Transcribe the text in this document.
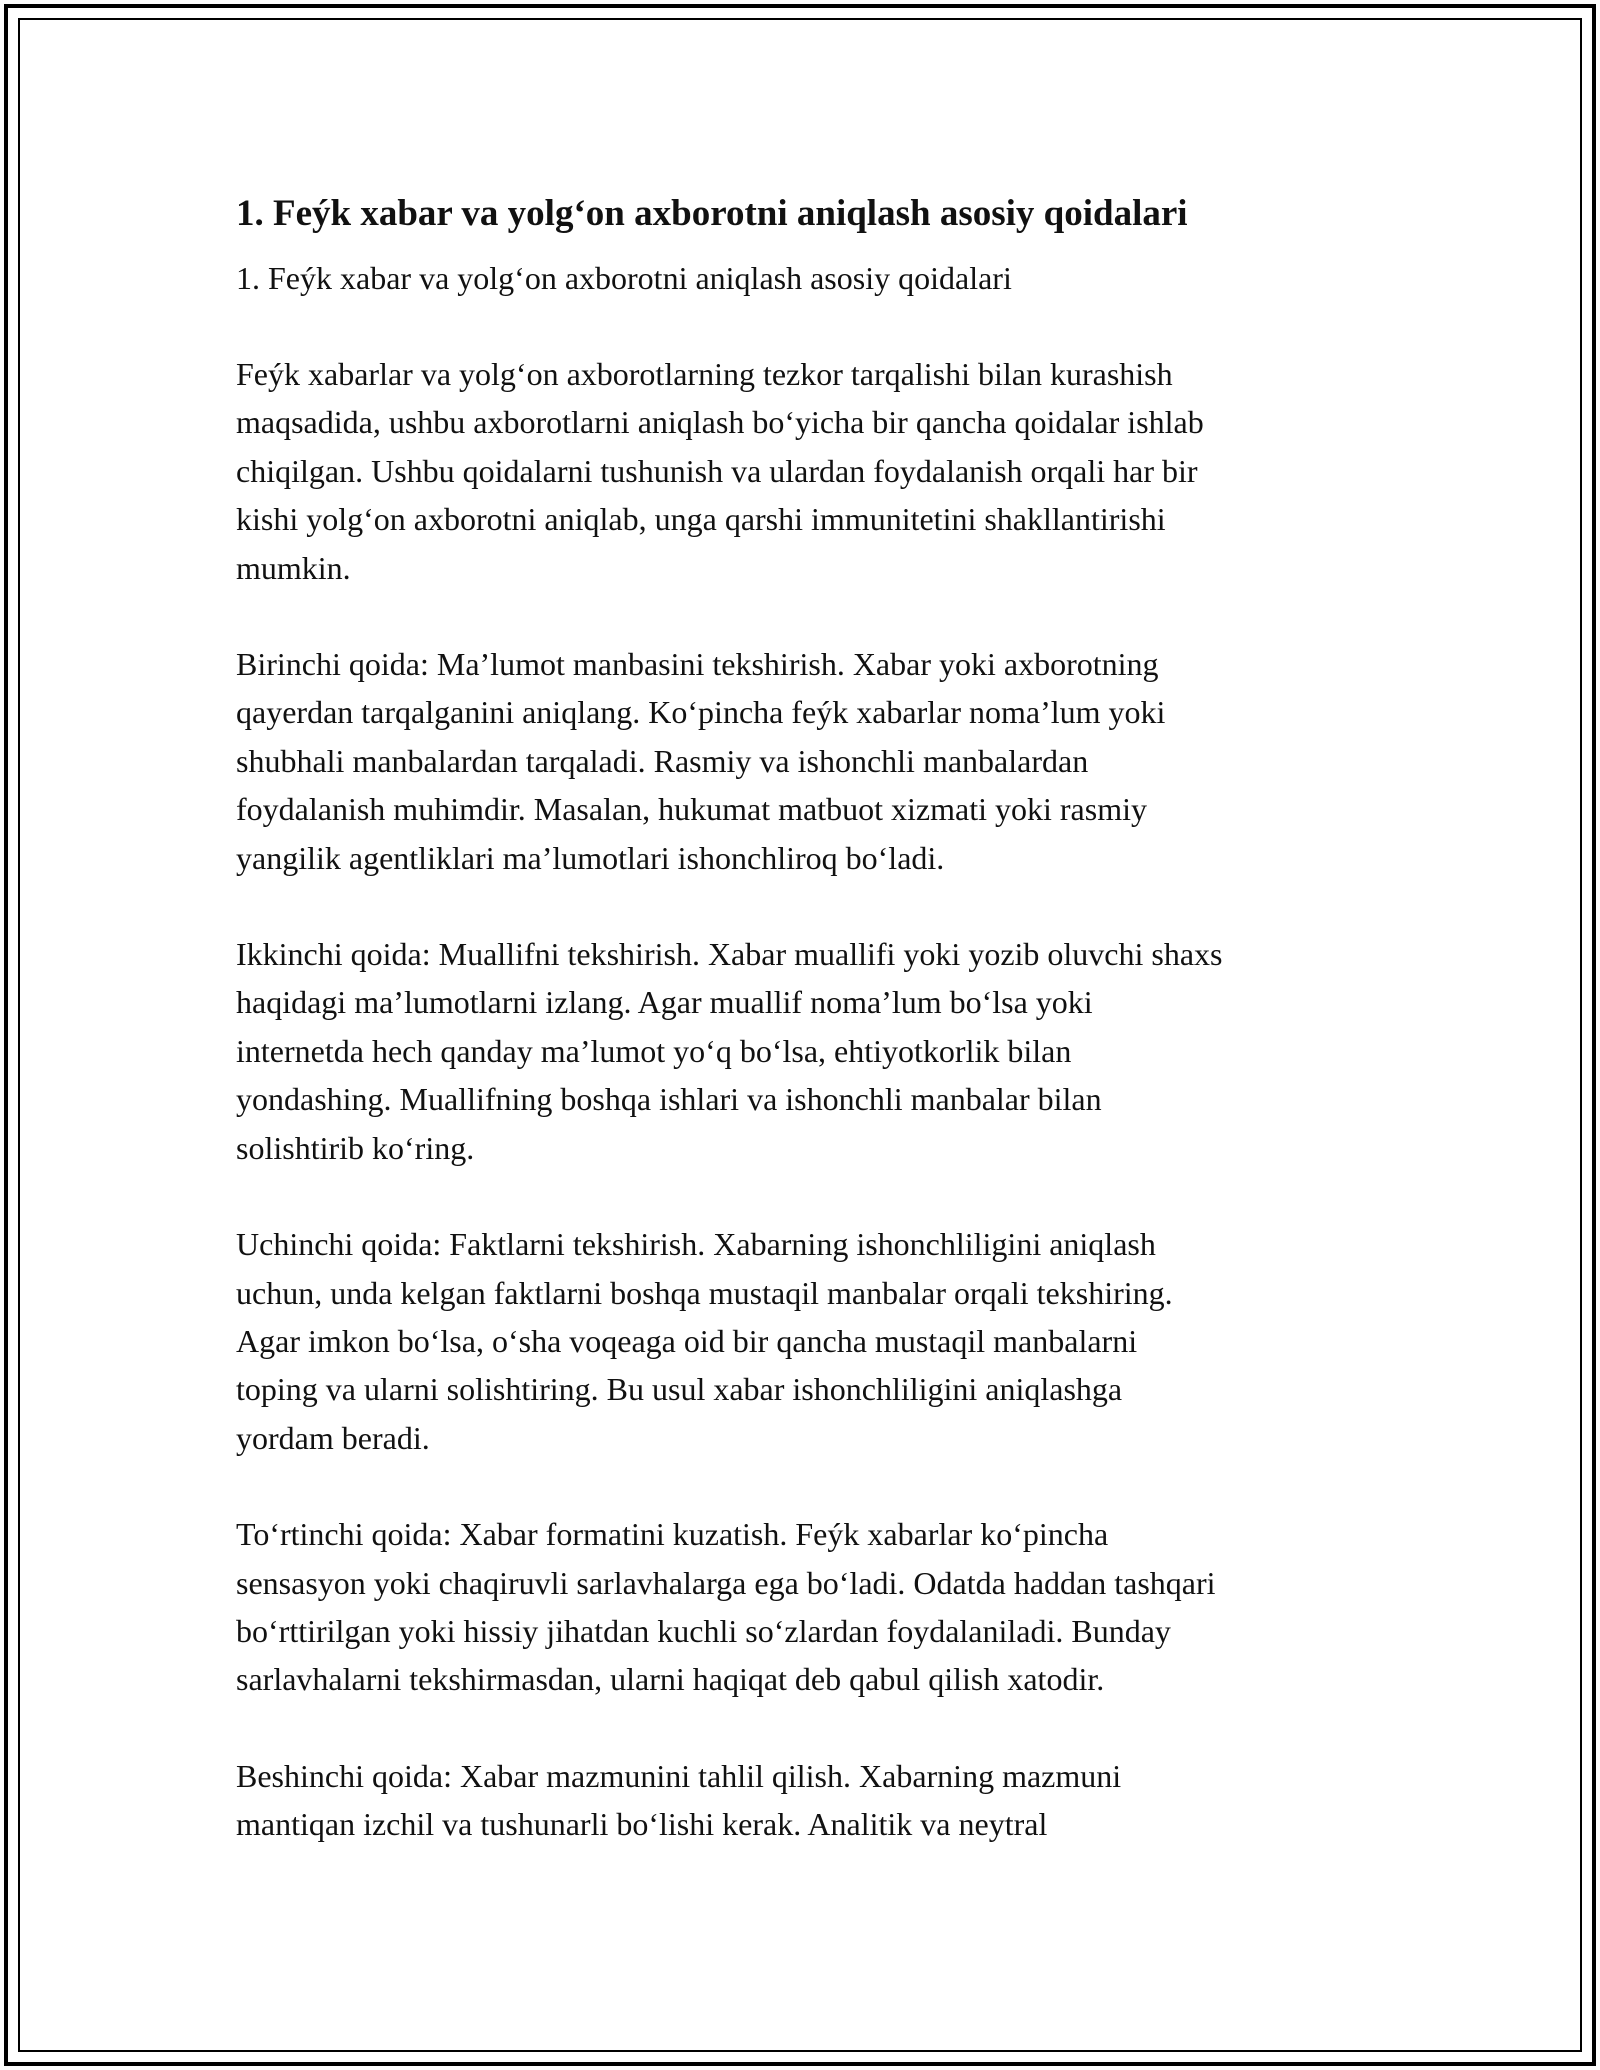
1. Feýk xabar va yolg‘on axborotni aniqlash asosiy qoidalari

1. Feýk xabar va yolg‘on axborotni aniqlash asosiy qoidalari

Feýk xabarlar va yolg‘on axborotlarning tezkor tarqalishi bilan kurashish
maqsadida, ushbu axborotlarni aniqlash bo‘yicha bir qancha qoidalar ishlab
chiqilgan. Ushbu qoidalarni tushunish va ulardan foydalanish orqali har bir
kishi yolg‘on axborotni aniqlab, unga qarshi immunitetini shakllantirishi
mumkin.

Birinchi qoida: Ma’lumot manbasini tekshirish. Xabar yoki axborotning
qayerdan tarqalganini aniqlang. Ko‘pincha feýk xabarlar noma’lum yoki
shubhali manbalardan tarqaladi. Rasmiy va ishonchli manbalardan
foydalanish muhimdir. Masalan, hukumat matbuot xizmati yoki rasmiy
yangilik agentliklari ma’lumotlari ishonchliroq bo‘ladi.

Ikkinchi qoida: Muallifni tekshirish. Xabar muallifi yoki yozib oluvchi shaxs
haqidagi ma’lumotlarni izlang. Agar muallif noma’lum bo‘lsa yoki
internetda hech qanday ma’lumot yo‘q bo‘lsa, ehtiyotkorlik bilan
yondashing. Muallifning boshqa ishlari va ishonchli manbalar bilan
solishtirib ko‘ring.

Uchinchi qoida: Faktlarni tekshirish. Xabarning ishonchliligini aniqlash
uchun, unda kelgan faktlarni boshqa mustaqil manbalar orqali tekshiring.
Agar imkon bo‘lsa, o‘sha voqeaga oid bir qancha mustaqil manbalarni
toping va ularni solishtiring. Bu usul xabar ishonchliligini aniqlashga
yordam beradi.

To‘rtinchi qoida: Xabar formatini kuzatish. Feýk xabarlar ko‘pincha
sensasyon yoki chaqiruvli sarlavhalarga ega bo‘ladi. Odatda haddan tashqari
bo‘rttirilgan yoki hissiy jihatdan kuchli so‘zlardan foydalaniladi. Bunday
sarlavhalarni tekshirmasdan, ularni haqiqat deb qabul qilish xatodir.

Beshinchi qoida: Xabar mazmunini tahlil qilish. Xabarning mazmuni
mantiqan izchil va tushunarli bo‘lishi kerak. Analitik va neytral
